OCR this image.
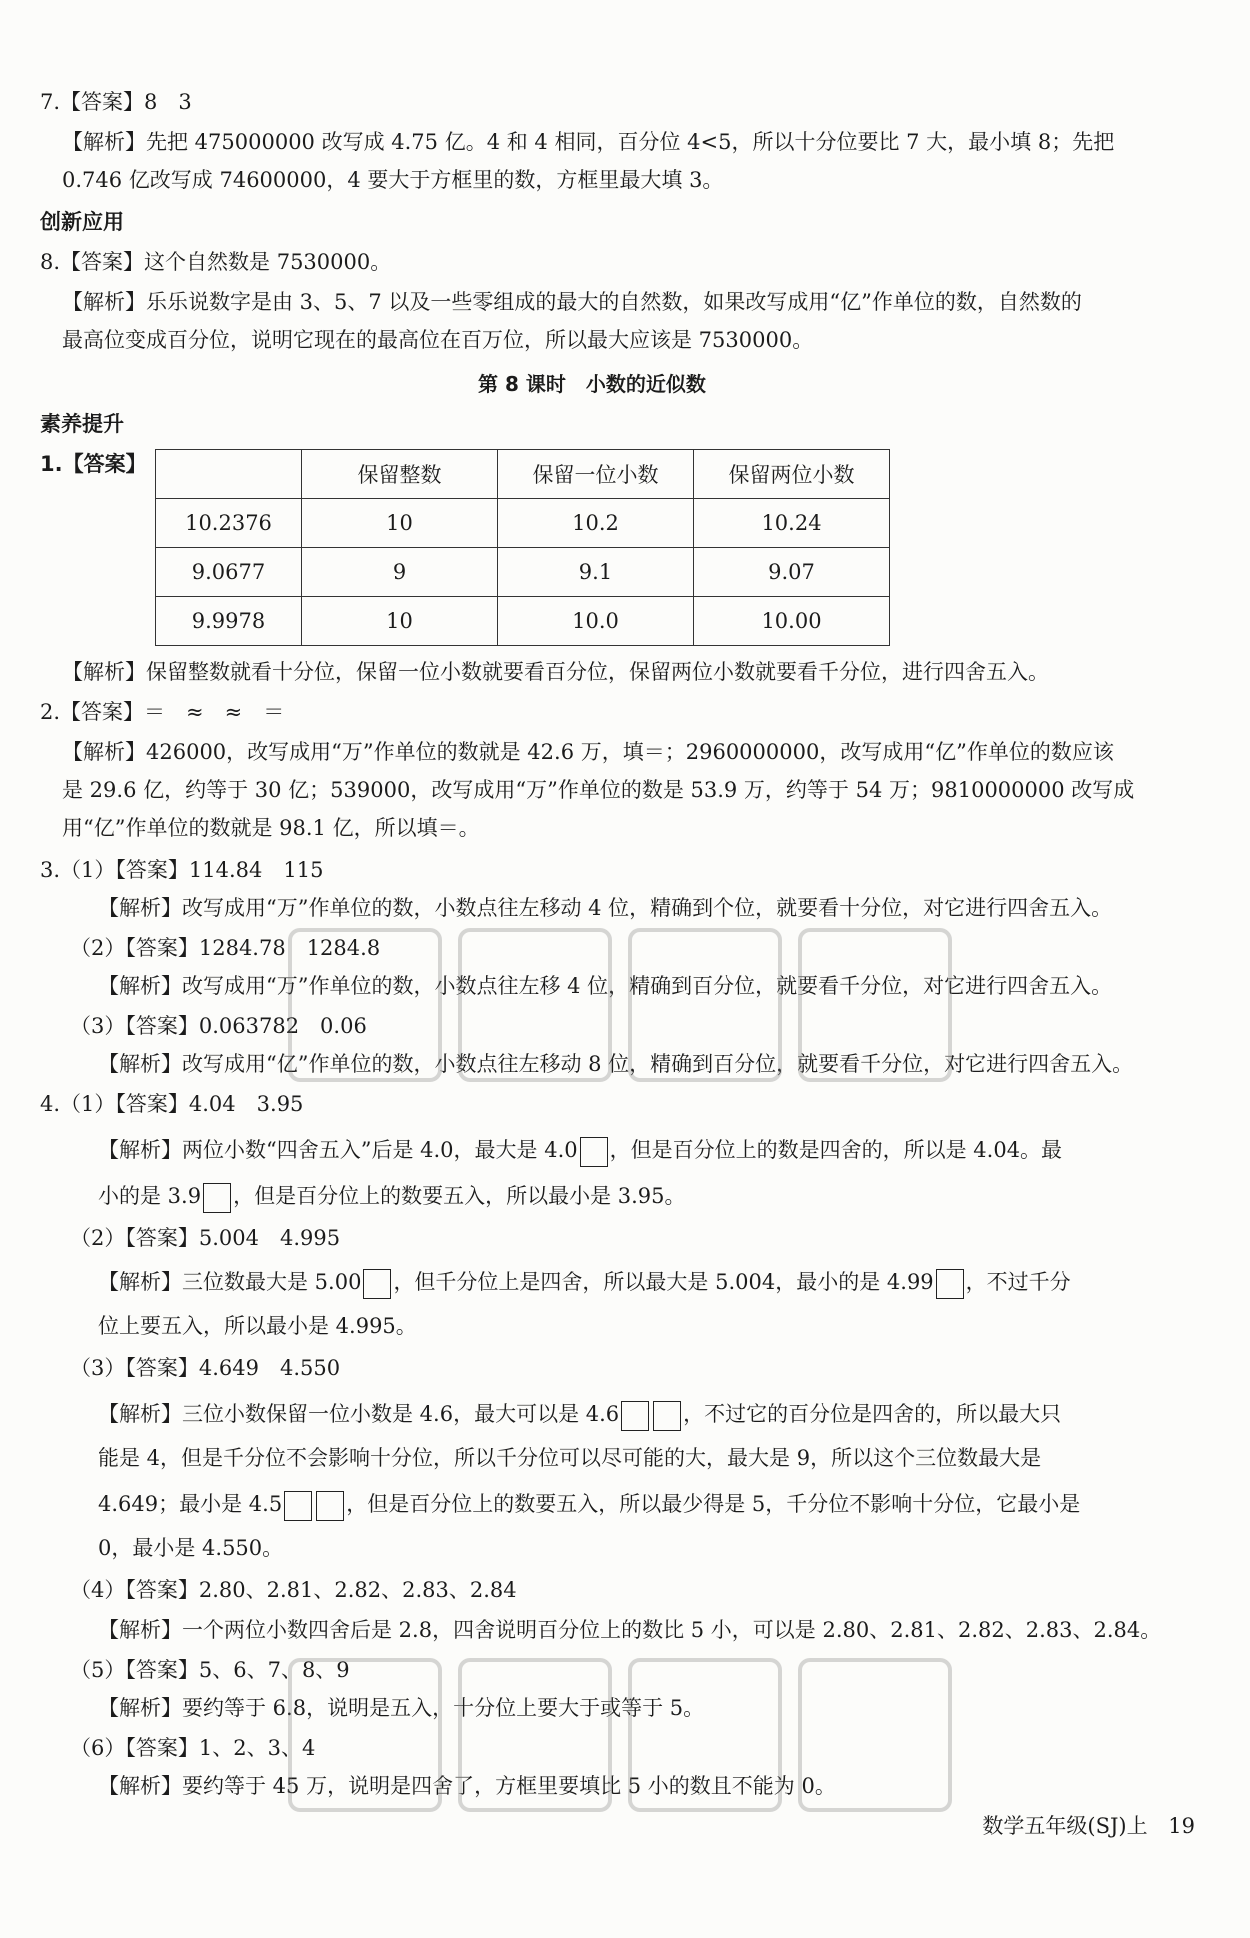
7.【答案】8　3
【解析】先把 475000000 改写成 4.75 亿。4 和 4 相同，百分位 4<5，所以十分位要比 7 大，最小填 8；先把
0.746 亿改写成 74600000，4 要大于方框里的数，方框里最大填 3。
创新应用
8.【答案】这个自然数是 7530000。
【解析】乐乐说数字是由 3、5、7 以及一些零组成的最大的自然数，如果改写成用“亿”作单位的数，自然数的
最高位变成百分位，说明它现在的最高位在百万位，所以最大应该是 7530000。
第 8 课时　小数的近似数
素养提升
1.【答案】
		保留整数	保留一位小数	保留两位小数
10.2376	10	10.2	10.24
9.0677	9	9.1	9.07
9.9978	10	10.0	10.00
【解析】保留整数就看十分位，保留一位小数就要看百分位，保留两位小数就要看千分位，进行四舍五入。
2.【答案】＝　≈　≈　＝
【解析】426000，改写成用“万”作单位的数就是 42.6 万，填＝；2960000000，改写成用“亿”作单位的数应该
是 29.6 亿，约等于 30 亿；539000，改写成用“万”作单位的数是 53.9 万，约等于 54 万；9810000000 改写成
用“亿”作单位的数就是 98.1 亿，所以填＝。
3.（1）【答案】114.84　115
【解析】改写成用“万”作单位的数，小数点往左移动 4 位，精确到个位，就要看十分位，对它进行四舍五入。
（2）【答案】1284.78　1284.8
【解析】改写成用“万”作单位的数，小数点往左移 4 位，精确到百分位，就要看千分位，对它进行四舍五入。
（3）【答案】0.063782　0.06
【解析】改写成用“亿”作单位的数，小数点往左移动 8 位，精确到百分位，就要看千分位，对它进行四舍五入。
4.（1）【答案】4.04　3.95
【解析】两位小数“四舍五入”后是 4.0，最大是 4.0 ，但是百分位上的数是四舍的，所以是 4.04。最
小的是 3.9 ，但是百分位上的数要五入，所以最小是 3.95。
（2）【答案】5.004　4.995
【解析】三位数最大是 5.00 ，但千分位上是四舍，所以最大是 5.004，最小的是 4.99 ，不过千分
位上要五入，所以最小是 4.995。
（3）【答案】4.649　4.550
【解析】三位小数保留一位小数是 4.6，最大可以是 4.6	，不过它的百分位是四舍的，所以最大只
能是 4，但是千分位不会影响十分位，所以千分位可以尽可能的大，最大是 9，所以这个三位数最大是
4.649；最小是 4.5	，但是百分位上的数要五入，所以最少得是 5，千分位不影响十分位，它最小是
0，最小是 4.550。
（4）【答案】2.80、2.81、2.82、2.83、2.84
【解析】一个两位小数四舍后是 2.8，四舍说明百分位上的数比 5 小，可以是 2.80、2.81、2.82、2.83、2.84。
（5）【答案】5、6、7、8、9
【解析】要约等于 6.8，说明是五入，十分位上要大于或等于 5。
（6）【答案】1、2、3、4
【解析】要约等于 45 万，说明是四舍了，方框里要填比 5 小的数且不能为 0。
数学五年级(SJ)上 19
